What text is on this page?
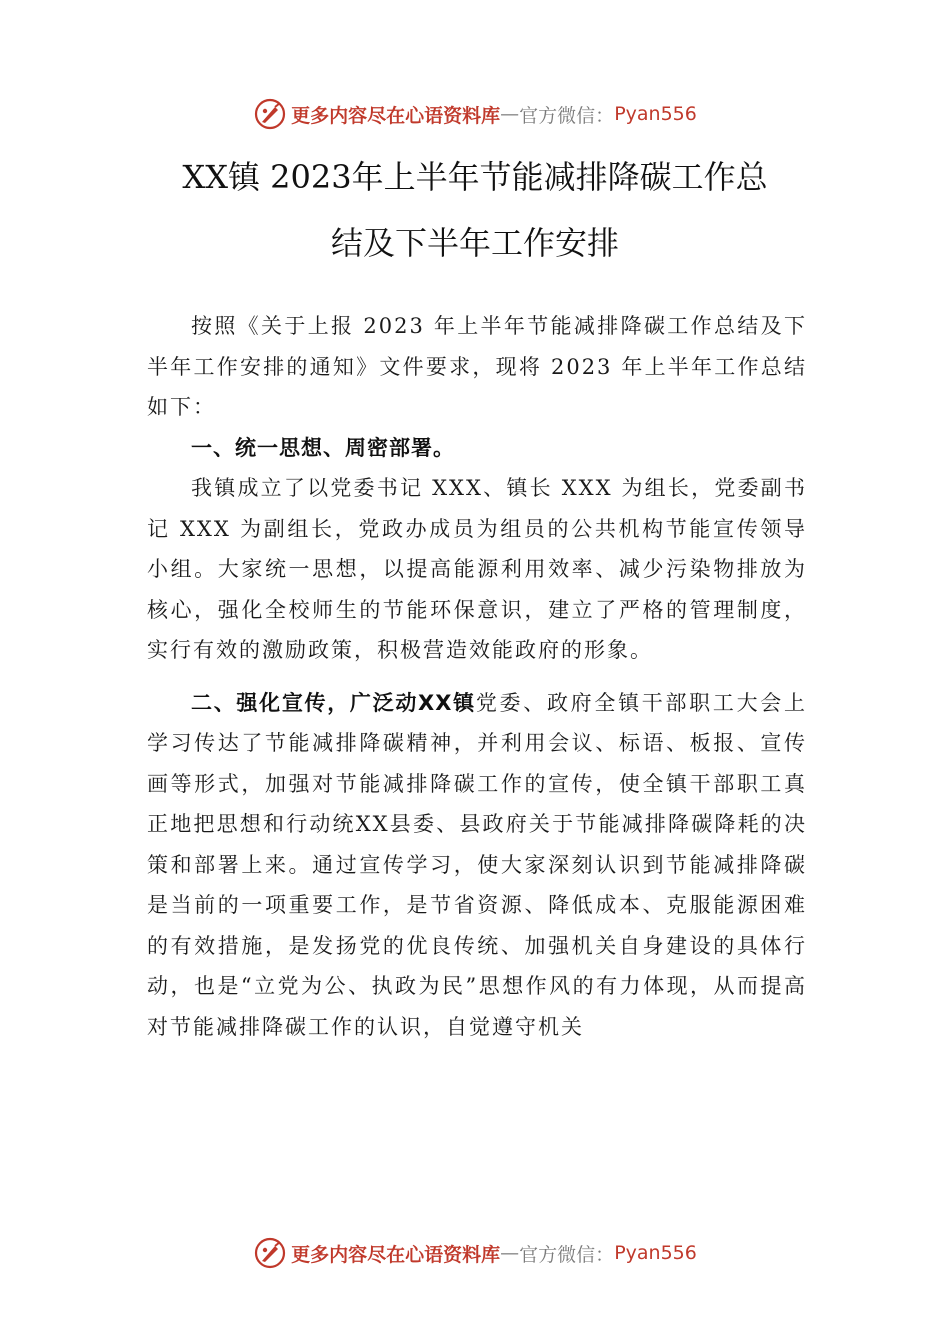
更多内容尽在心语资料库 — 官方微信： Pyan556
XX镇 2023年上半年节能减排降碳工作总
结及下半年工作安排

按照《关于上报 2023 年上半年节能减排降碳工作总结及下半年工作安排的通知》文件要求，现将 2023 年上半年工作总结如下：

一、统一思想、周密部署。

我镇成立了以党委书记 XXX、镇长 XXX 为组长，党委副书记 XXX 为副组长，党政办成员为组员的公共机构节能宣传领导小组。大家统一思想，以提高能源利用效率、减少污染物排放为核心，强化全校师生的节能环保意识，建立了严格的管理制度，实行有效的激励政策，积极营造效能政府的形象。

二、强化宣传，广泛动XX镇党委、政府全镇干部职工大会上学习传达了节能减排降碳精神，并利用会议、标语、板报、宣传画等形式，加强对节能减排降碳工作的宣传，使全镇干部职工真正地把思想和行动统XX县委、县政府关于节能减排降碳降耗的决策和部署上来。通过宣传学习，使大家深刻认识到节能减排降碳是当前的一项重要工作，是节省资源、降低成本、克服能源困难的有效措施，是发扬党的优良传统、加强机关自身建设的具体行动，也是“立党为公、执政为民”思想作风的有力体现，从而提高对节能减排降碳工作的认识，自觉遵守机关

更多内容尽在心语资料库 — 官方微信： Pyan556
